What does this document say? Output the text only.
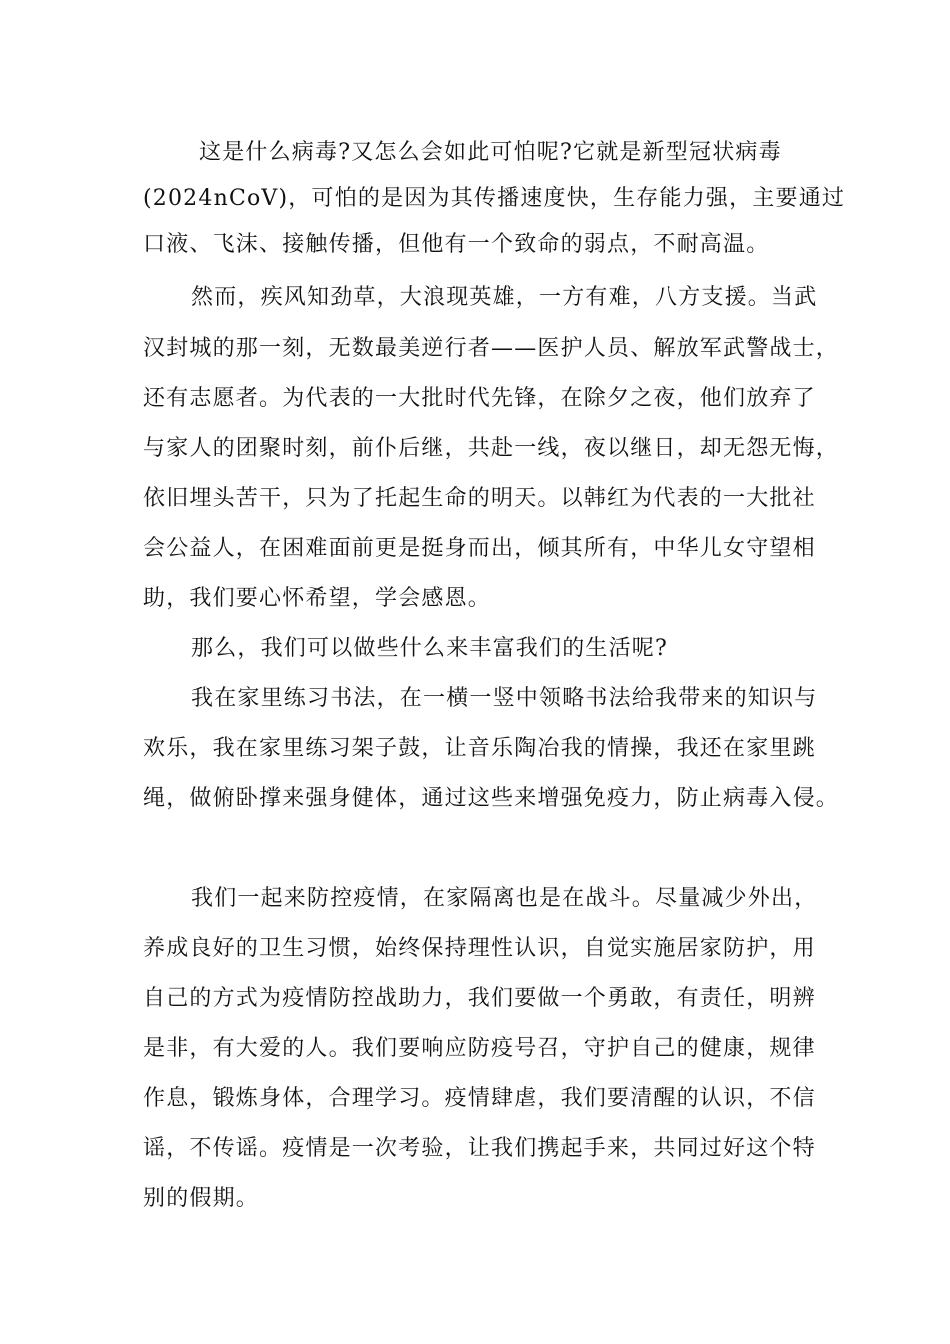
这是什么病毒?又怎么会如此可怕呢?它就是新型冠状病毒
(2024nCoV)，可怕的是因为其传播速度快，生存能力强，主要通过
口液、飞沫、接触传播，但他有一个致命的弱点，不耐高温。
然而，疾风知劲草，大浪现英雄，一方有难，八方支援。当武
汉封城的那一刻，无数最美逆行者——医护人员、解放军武警战士，
还有志愿者。为代表的一大批时代先锋，在除夕之夜，他们放弃了
与家人的团聚时刻，前仆后继，共赴一线，夜以继日，却无怨无悔，
依旧埋头苦干，只为了托起生命的明天。以韩红为代表的一大批社
会公益人，在困难面前更是挺身而出，倾其所有，中华儿女守望相
助，我们要心怀希望，学会感恩。
那么，我们可以做些什么来丰富我们的生活呢?
我在家里练习书法，在一横一竖中领略书法给我带来的知识与
欢乐，我在家里练习架子鼓，让音乐陶冶我的情操，我还在家里跳
绳，做俯卧撑来强身健体，通过这些来增强免疫力，防止病毒入侵。
我们一起来防控疫情，在家隔离也是在战斗。尽量减少外出，
养成良好的卫生习惯，始终保持理性认识，自觉实施居家防护，用
自己的方式为疫情防控战助力，我们要做一个勇敢，有责任，明辨
是非，有大爱的人。我们要响应防疫号召，守护自己的健康，规律
作息，锻炼身体，合理学习。疫情肆虐，我们要清醒的认识，不信
谣，不传谣。疫情是一次考验，让我们携起手来，共同过好这个特
别的假期。
